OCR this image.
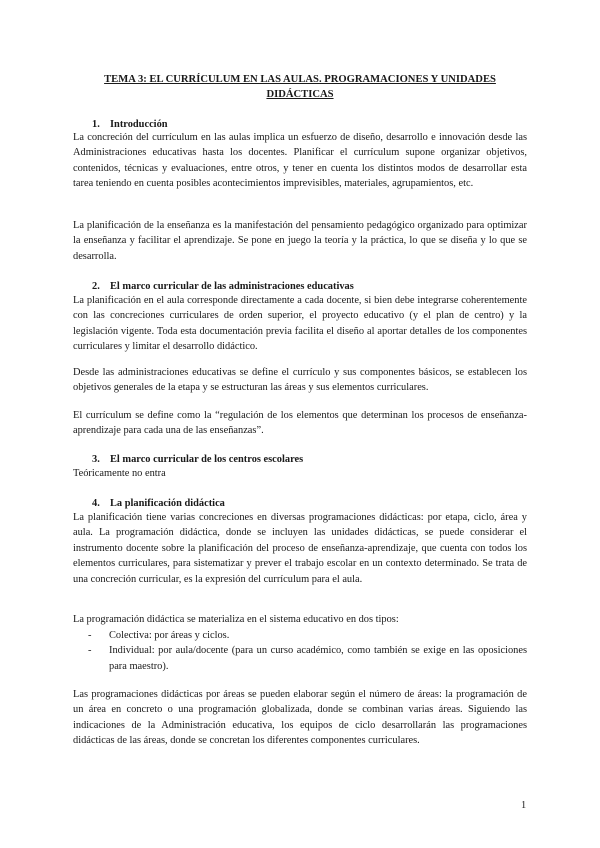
TEMA 3: EL CURRÍCULUM EN LAS AULAS. PROGRAMACIONES Y UNIDADES DIDÁCTICAS

1. Introducción

La concreción del currículum en las aulas implica un esfuerzo de diseño, desarrollo e innovación desde las Administraciones educativas hasta los docentes. Planificar el currículum supone organizar objetivos, contenidos, técnicas y evaluaciones, entre otros, y tener en cuenta los distintos modos de desarrollar esta tarea teniendo en cuenta posibles acontecimientos imprevisibles, materiales, agrupamientos, etc.

La planificación de la enseñanza es la manifestación del pensamiento pedagógico organizado para optimizar la enseñanza y facilitar el aprendizaje. Se pone en juego la teoría y la práctica, lo que se diseña y lo que se desarrolla.

2. El marco curricular de las administraciones educativas

La planificación en el aula corresponde directamente a cada docente, si bien debe integrarse coherentemente con las concreciones curriculares de orden superior, el proyecto educativo (y el plan de centro) y la legislación vigente. Toda esta documentación previa facilita el diseño al aportar detalles de los componentes curriculares y limitar el desarrollo didáctico.

Desde las administraciones educativas se define el currículo y sus componentes básicos, se establecen los objetivos generales de la etapa y se estructuran las áreas y sus elementos curriculares.

El currículum se define como la “regulación de los elementos que determinan los procesos de enseñanza-aprendizaje para cada una de las enseñanzas”.

3. El marco curricular de los centros escolares

Teóricamente no entra

4. La planificación didáctica

La planificación tiene varias concreciones en diversas programaciones didácticas: por etapa, ciclo, área y aula. La programación didáctica, donde se incluyen las unidades didácticas, se puede considerar el instrumento docente sobre la planificación del proceso de enseñanza-aprendizaje, que cuenta con todos los elementos curriculares, para sistematizar y prever el trabajo escolar en un contexto determinado. Se trata de una concreción curricular, es la expresión del currículum para el aula.

La programación didáctica se materializa en el sistema educativo en dos tipos:

- Colectiva: por áreas y ciclos.
- Individual: por aula/docente (para un curso académico, como también se exige en las oposiciones para maestro).

Las programaciones didácticas por áreas se pueden elaborar según el número de áreas: la programación de un área en concreto o una programación globalizada, donde se combinan varias áreas. Siguiendo las indicaciones de la Administración educativa, los equipos de ciclo desarrollarán las programaciones didácticas de las áreas, donde se concretan los diferentes componentes curriculares.

1
